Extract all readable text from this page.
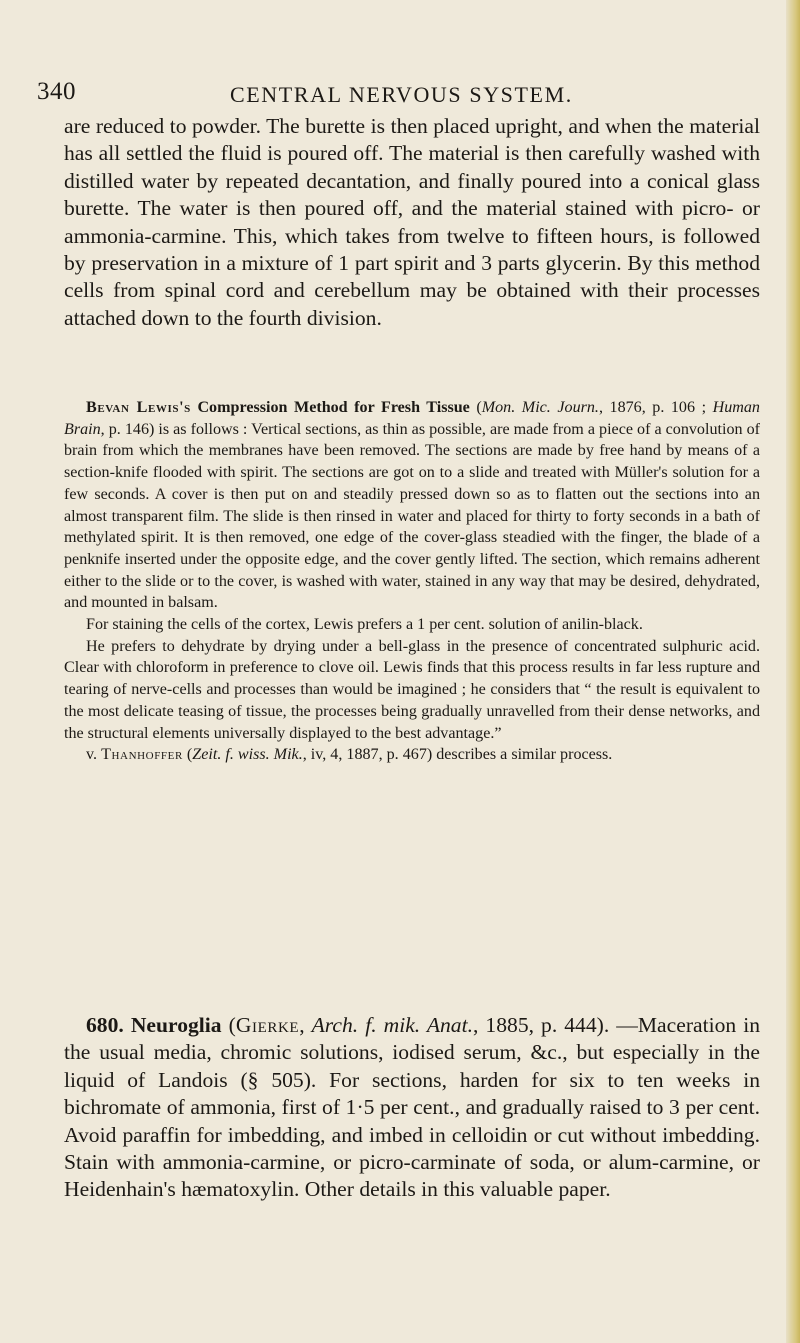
340	CENTRAL NERVOUS SYSTEM.

are reduced to powder. The burette is then placed upright, and when the material has all settled the fluid is poured off. The material is then carefully washed with distilled water by repeated decantation, and finally poured into a conical glass burette. The water is then poured off, and the material stained with picro- or ammonia-carmine. This, which takes from twelve to fifteen hours, is followed by preservation in a mixture of 1 part spirit and 3 parts glycerin. By this method cells from spinal cord and cerebellum may be obtained with their processes attached down to the fourth division.

Bevan Lewis's Compression Method for Fresh Tissue (Mon. Mic. Journ., 1876, p. 106 ; Human Brain, p. 146) is as follows : Vertical sections, as thin as possible, are made from a piece of a convolution of brain from which the membranes have been removed. The sections are made by free hand by means of a section-knife flooded with spirit. The sections are got on to a slide and treated with Müller's solution for a few seconds. A cover is then put on and steadily pressed down so as to flatten out the sections into an almost transparent film. The slide is then rinsed in water and placed for thirty to forty seconds in a bath of methylated spirit. It is then removed, one edge of the cover-glass steadied with the finger, the blade of a penknife inserted under the opposite edge, and the cover gently lifted. The section, which remains adherent either to the slide or to the cover, is washed with water, stained in any way that may be desired, dehydrated, and mounted in balsam.

For staining the cells of the cortex, Lewis prefers a 1 per cent. solution of anilin-black.

He prefers to dehydrate by drying under a bell-glass in the presence of concentrated sulphuric acid. Clear with chloroform in preference to clove oil. Lewis finds that this process results in far less rupture and tearing of nerve-cells and processes than would be imagined ; he considers that “ the result is equivalent to the most delicate teasing of tissue, the processes being gradually unravelled from their dense networks, and the structural elements universally displayed to the best advantage.”

v. Thanhoffer (Zeit. f. wiss. Mik., iv, 4, 1887, p. 467) describes a similar process.

680. Neuroglia (Gierke, Arch. f. mik. Anat., 1885, p. 444). —Maceration in the usual media, chromic solutions, iodised serum, &c., but especially in the liquid of Landois (§ 505). For sections, harden for six to ten weeks in bichromate of ammonia, first of 1·5 per cent., and gradually raised to 3 per cent. Avoid paraffin for imbedding, and imbed in celloidin or cut without imbedding. Stain with ammonia-carmine, or picro-carminate of soda, or alum-carmine, or Heidenhain's hæmatoxylin. Other details in this valuable paper.
